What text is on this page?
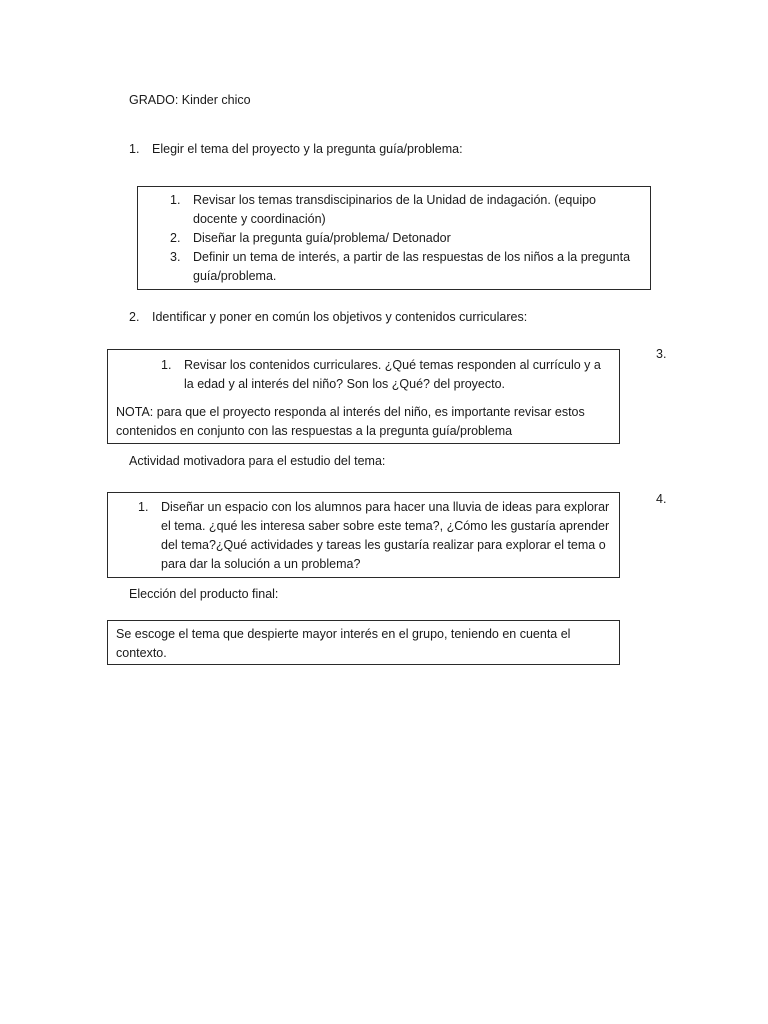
GRADO: Kinder chico
1. Elegir el tema del proyecto y la pregunta guía/problema:
1. Revisar los temas transdiscipinarios de la Unidad de indagación. (equipo
docente y coordinación)
2. Diseñar la pregunta guía/problema/ Detonador
3. Definir un tema de interés, a partir de las respuestas de los niños a la pregunta
guía/problema.
2. Identificar y poner en común los objetivos y contenidos curriculares:
1. Revisar los contenidos curriculares. ¿Qué temas responden al currículo y a
la edad y al interés del niño? Son los ¿Qué? del proyecto.
NOTA: para que el proyecto responda al interés del niño, es importante revisar estos
contenidos en conjunto con las respuestas a la pregunta guía/problema
3.
Actividad motivadora para el estudio del tema:
1. Diseñar un espacio con los alumnos para hacer una lluvia de ideas para explorar
el tema. ¿qué les interesa saber sobre este tema?, ¿Cómo les gustaría aprender
del tema?¿Qué actividades y tareas les gustaría realizar para explorar el tema o
para dar la solución a un problema?
4.
Elección del producto final:
Se escoge el tema que despierte mayor interés en el grupo, teniendo en cuenta el
contexto.
